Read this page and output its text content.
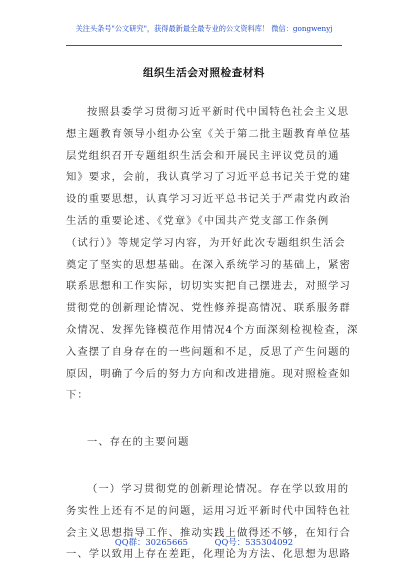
关注头条号"公文研究"，获得最新最全最专业的公文资料库！ 微信：gongwenyj
组织生活会对照检查材料
按照县委学习贯彻习近平新时代中国特色社会主义思
想主题教育领导小组办公室《关于第二批主题教育单位基
层党组织召开专题组织生活会和开展民主评议党员的通
知》要求，会前，我认真学习了习近平总书记关于党的建
设的重要思想，认真学习习近平总书记关于严肃党内政治
生活的重要论述、《党章》《中国共产党支部工作条例
（试行）》等规定学习内容，为开好此次专题组织生活会
奠定了坚实的思想基础。在深入系统学习的基础上，紧密
联系思想和工作实际，切切实实把自己摆进去，对照学习
贯彻党的创新理论情况、党性修养提高情况、联系服务群
众情况、发挥先锋模范作用情况4个方面深刻检视检查，深
入查摆了自身存在的一些问题和不足，反思了产生问题的
原因，明确了今后的努力方向和改进措施。现对照检查如
下：
一、存在的主要问题
（一）学习贯彻党的创新理论情况。存在学以致用的
务实性上还有不足的问题，运用习近平新时代中国特色社
会主义思想指导工作、推动实践上做得还不够，在知行合
一、学以致用上存在差距，化理论为方法、化思想为思路
QQ群：30265665	QQ号：535304092
